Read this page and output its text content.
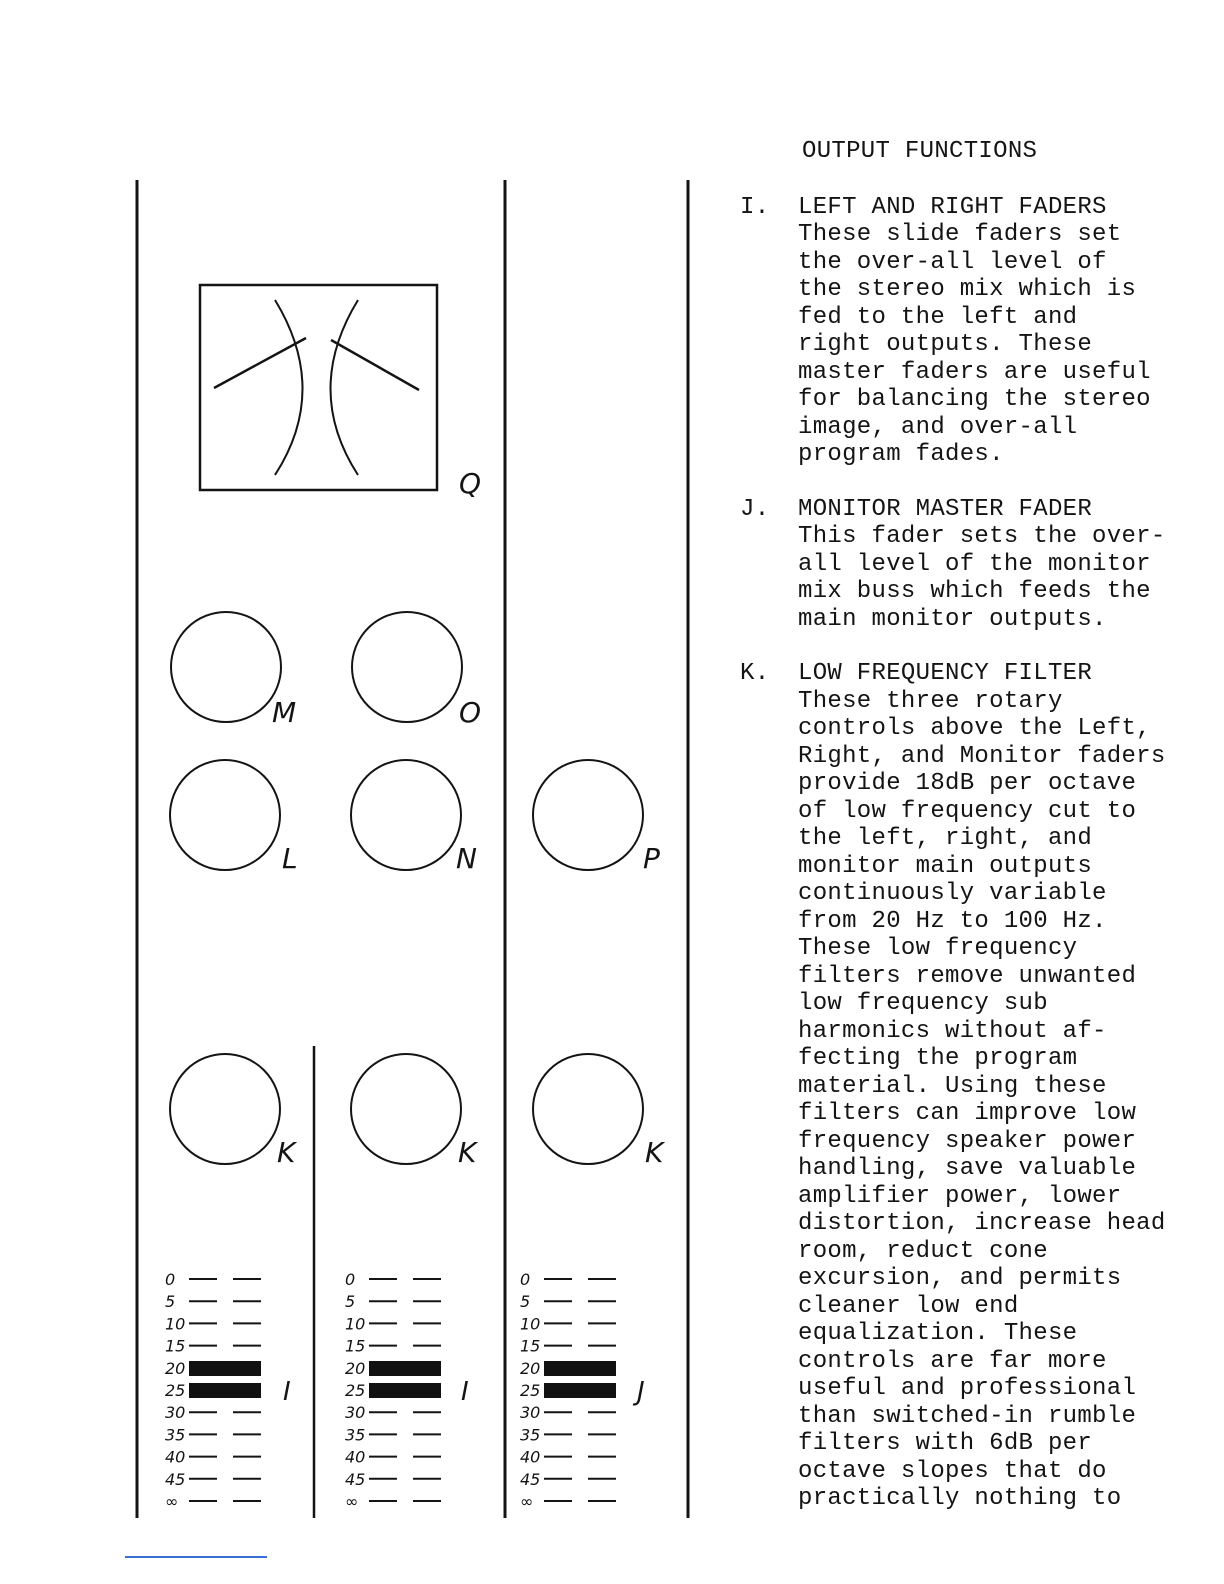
Q
M	O
L	N	P
K	K	K
0
5
10
15
20
25
30
35
40
45
∞
0
5
10
15
20
25
30
35
40
45
∞
0
5
10
15
20
25
30
35
40
45
∞
I	I	J
OUTPUT FUNCTIONS
I.	LEFT AND RIGHT FADERS
These slide faders set
the over-all level of
the stereo mix which is
fed to the left and
right outputs. These
master faders are useful
for balancing the stereo
image, and over-all
program fades.
J.	MONITOR MASTER FADER
This fader sets the over-
all level of the monitor
mix buss which feeds the
main monitor outputs.
K.	LOW FREQUENCY FILTER
These three rotary
controls above the Left,
Right, and Monitor faders
provide 18dB per octave
of low frequency cut to
the left, right, and
monitor main outputs
continuously variable
from 20 Hz to 100 Hz.
These low frequency
filters remove unwanted
low frequency sub
harmonics without af-
fecting the program
material. Using these
filters can improve low
frequency speaker power
handling, save valuable
amplifier power, lower
distortion, increase head
room, reduct cone
excursion, and permits
cleaner low end
equalization. These
controls are far more
useful and professional
than switched-in rumble
filters with 6dB per
octave slopes that do
practically nothing to
